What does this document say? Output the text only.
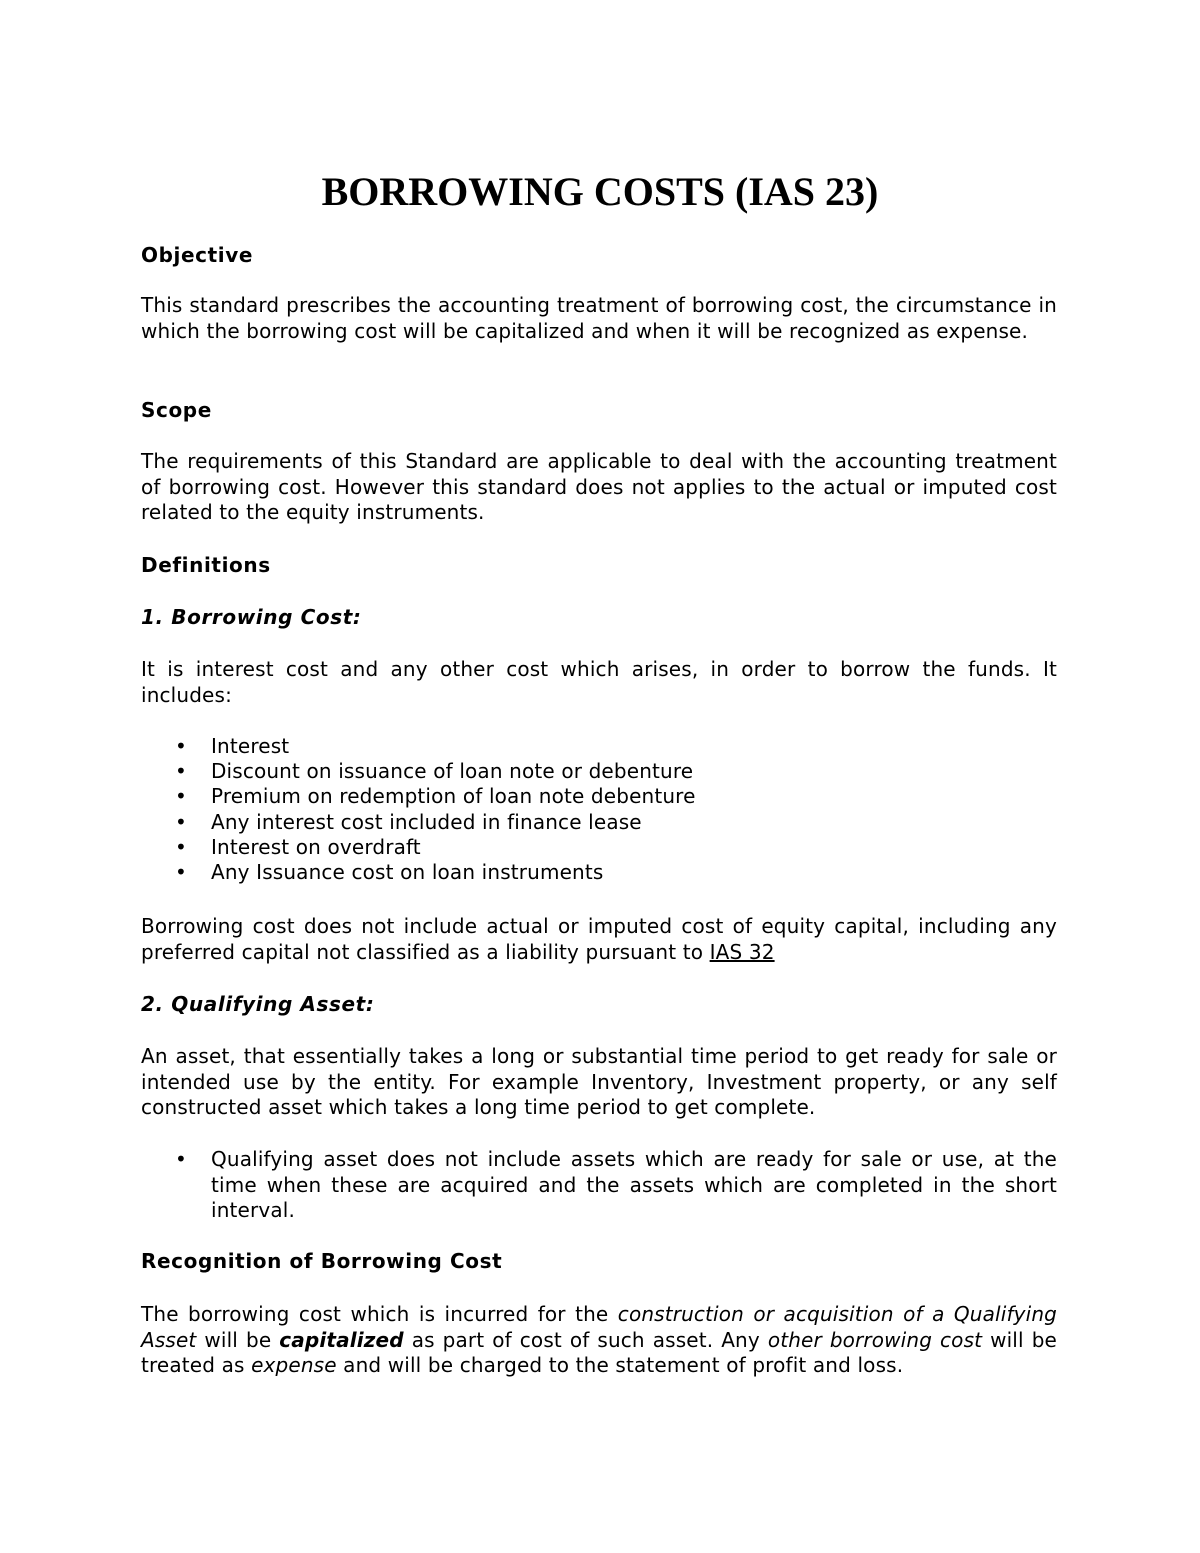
BORROWING COSTS (IAS 23)
Objective

This standard prescribes the accounting treatment of borrowing cost, the circumstance in which the borrowing cost will be capitalized and when it will be recognized as expense.

Scope

The requirements of this Standard are applicable to deal with the accounting treatment of borrowing cost. However this standard does not applies to the actual or imputed cost related to the equity instruments.

Definitions
1. Borrowing Cost:

It is interest cost and any other cost which arises, in order to borrow the funds. It includes:

• Interest
• Discount on issuance of loan note or debenture
• Premium on redemption of loan note debenture
• Any interest cost included in finance lease
• Interest on overdraft
• Any Issuance cost on loan instruments

Borrowing cost does not include actual or imputed cost of equity capital, including any preferred capital not classified as a liability pursuant to IAS 32

2. Qualifying Asset:

An asset, that essentially takes a long or substantial time period to get ready for sale or intended use by the entity. For example Inventory, Investment property, or any self constructed asset which takes a long time period to get complete.

• Qualifying asset does not include assets which are ready for sale or use, at the time when these are acquired and the assets which are completed in the short interval.
Recognition of Borrowing Cost

The borrowing cost which is incurred for the construction or acquisition of a Qualifying Asset will be capitalized as part of cost of such asset. Any other borrowing cost will be treated as expense and will be charged to the statement of profit and loss.
